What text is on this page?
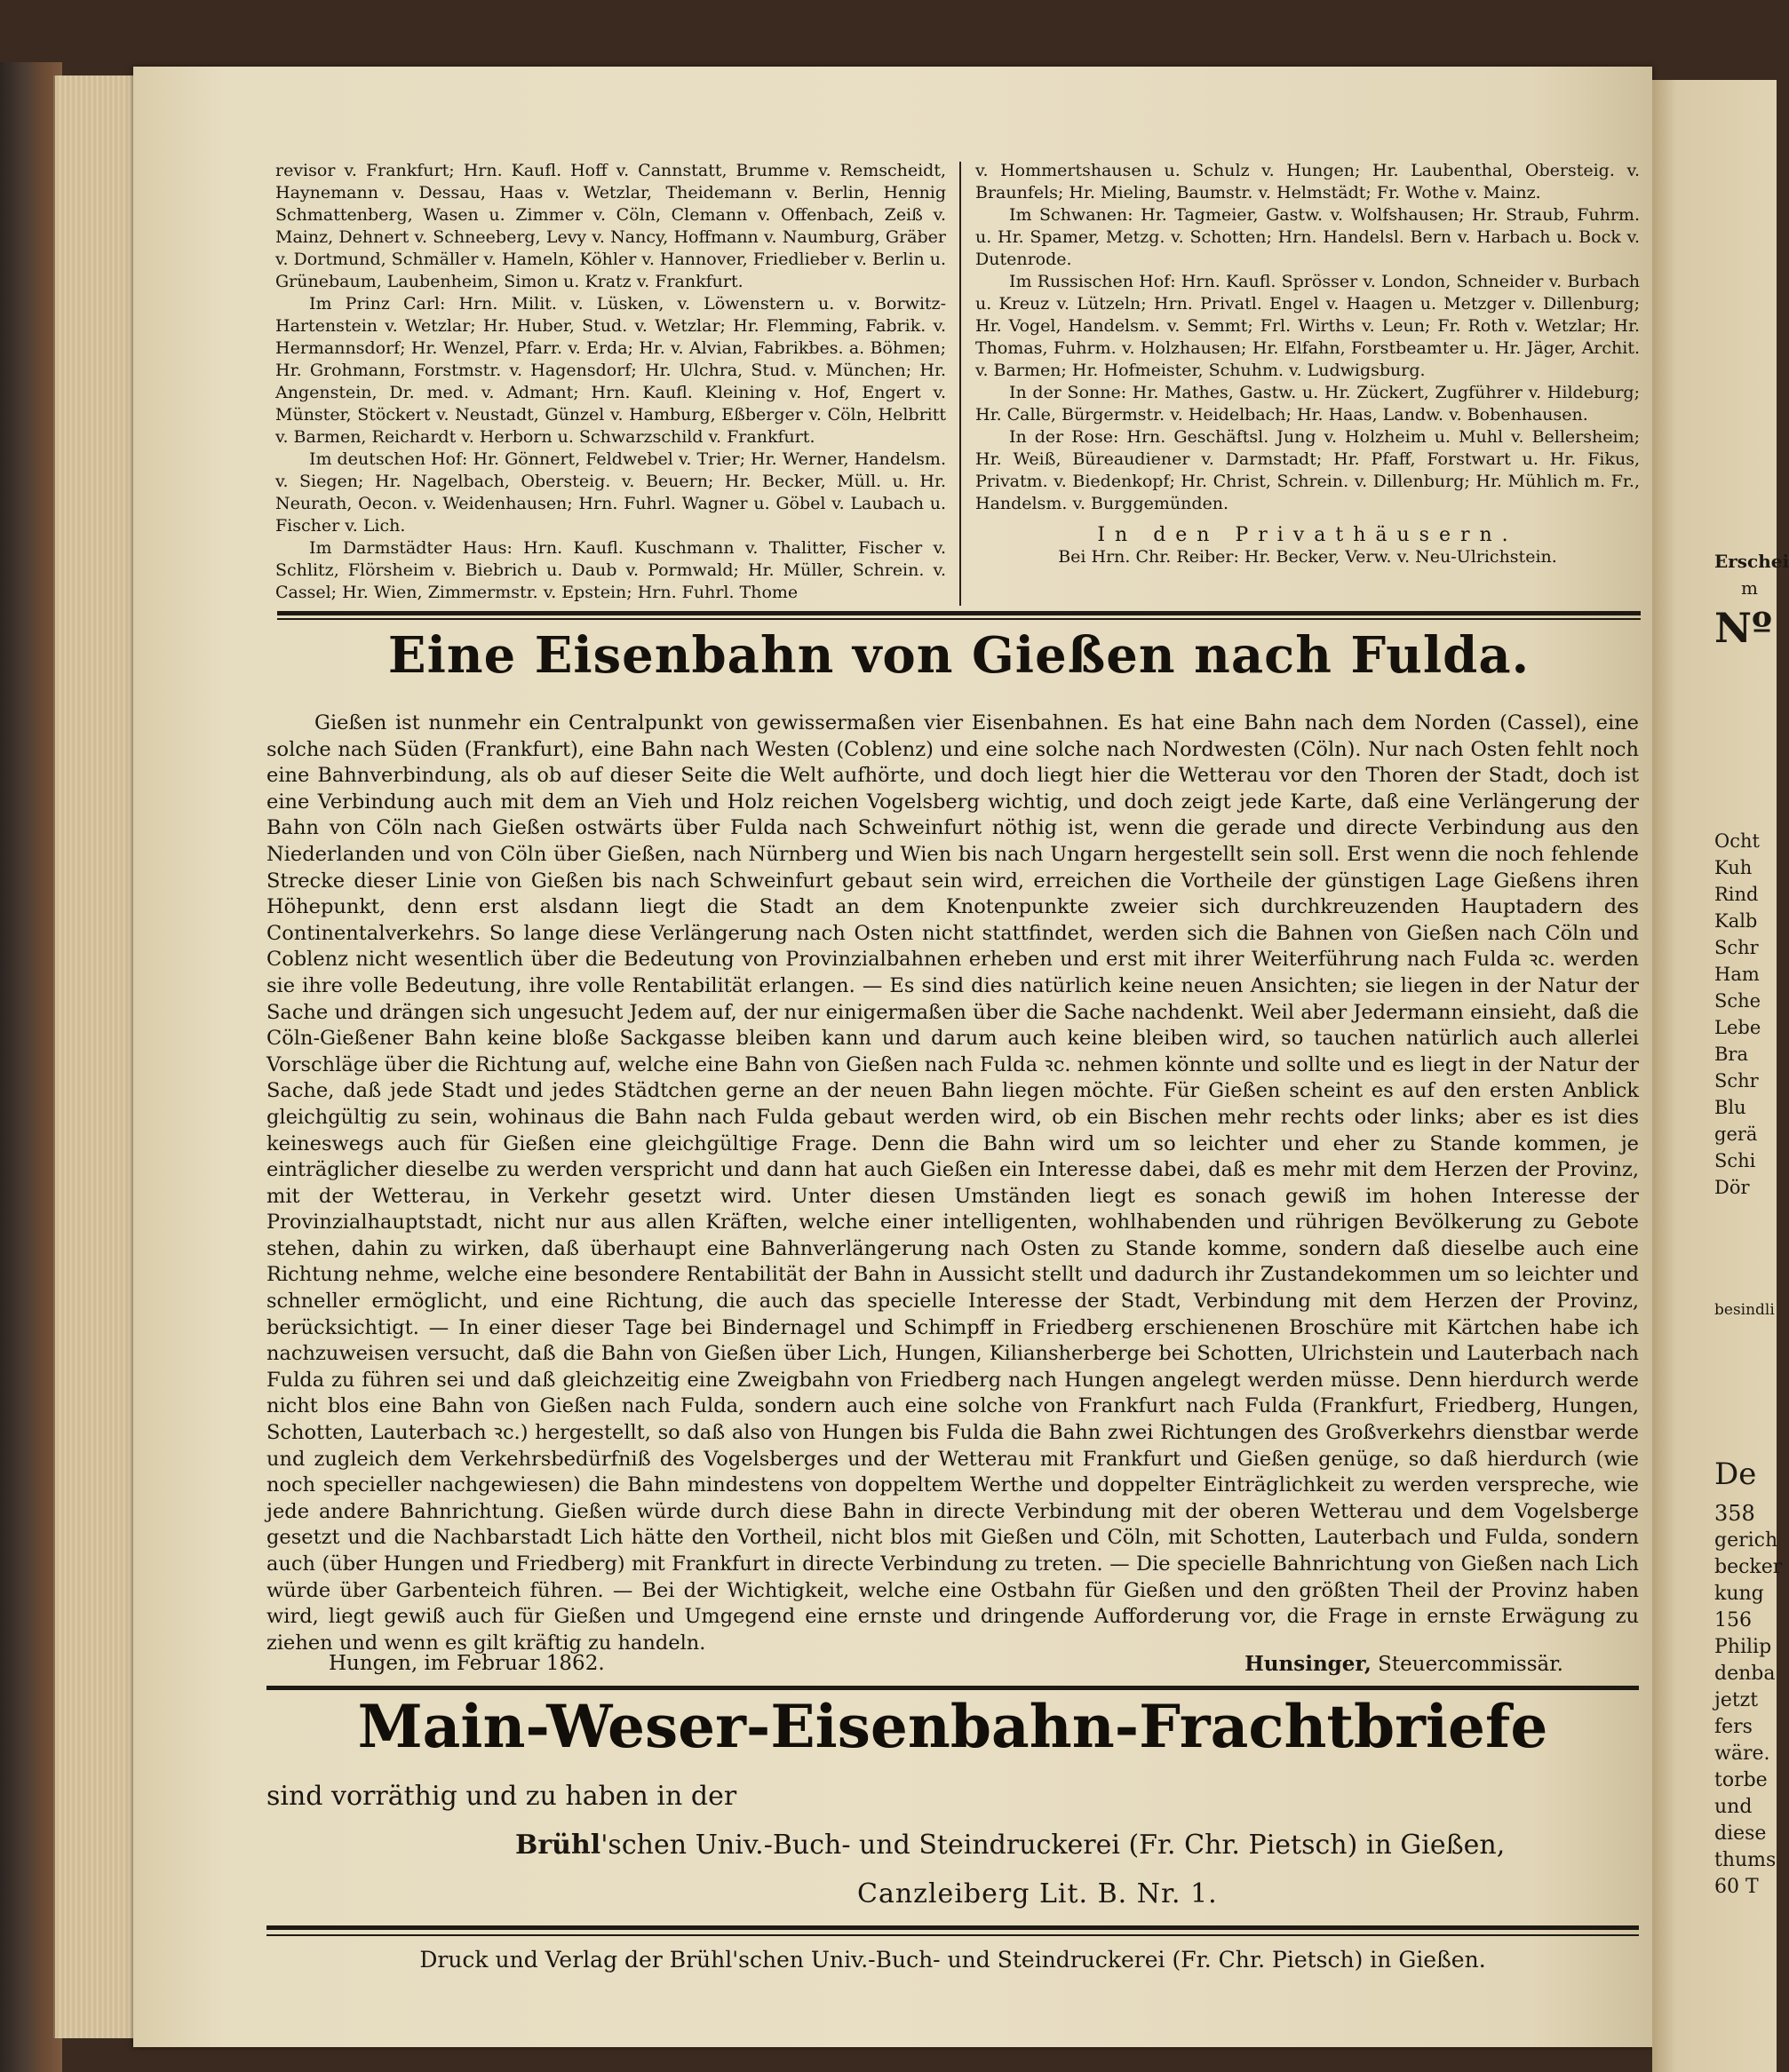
Erschei
m
Nº
Ocht
Kuh
Rind
Kalb
Schr
Ham
Sche
Lebe
Bra
Schr
Blu
gerä
Schi
Dör
besindli
De
358
gerich
becker
kung
156
Philip
denba
jetzt
fers
wäre.
torbe
und
diese
thums
60 T

revisor v. Frankfurt; Hrn. Kaufl. Hoff v. Cannstatt, Brumme v. Remscheidt, Haynemann v. Dessau, Haas v. Wetzlar, Theidemann v. Berlin, Hennig Schmattenberg, Wasen u. Zimmer v. Cöln, Clemann v. Offenbach, Zeiß v. Mainz, Dehnert v. Schneeberg, Levy v. Nancy, Hoffmann v. Naumburg, Gräber v. Dortmund, Schmäller v. Hameln, Köhler v. Hannover, Friedlieber v. Berlin u. Grünebaum, Laubenheim, Simon u. Kratz v. Frankfurt.

Im Prinz Carl: Hrn. Milit. v. Lüsken, v. Löwenstern u. v. Borwitz-Hartenstein v. Wetzlar; Hr. Huber, Stud. v. Wetzlar; Hr. Flemming, Fabrik. v. Hermannsdorf; Hr. Wenzel, Pfarr. v. Erda; Hr. v. Alvian, Fabrikbes. a. Böhmen; Hr. Grohmann, Forstmstr. v. Hagensdorf; Hr. Ulchra, Stud. v. München; Hr. Angenstein, Dr. med. v. Admant; Hrn. Kaufl. Kleining v. Hof, Engert v. Münster, Stöckert v. Neustadt, Günzel v. Hamburg, Eßberger v. Cöln, Helbritt v. Barmen, Reichardt v. Herborn u. Schwarzschild v. Frankfurt.

Im deutschen Hof: Hr. Gönnert, Feldwebel v. Trier; Hr. Werner, Handelsm. v. Siegen; Hr. Nagelbach, Obersteig. v. Beuern; Hr. Becker, Müll. u. Hr. Neurath, Oecon. v. Weidenhausen; Hrn. Fuhrl. Wagner u. Göbel v. Laubach u. Fischer v. Lich.

Im Darmstädter Haus: Hrn. Kaufl. Kuschmann v. Thalitter, Fischer v. Schlitz, Flörsheim v. Biebrich u. Daub v. Pormwald; Hr. Müller, Schrein. v. Cassel; Hr. Wien, Zimmermstr. v. Epstein; Hrn. Fuhrl. Thome

v. Hommertshausen u. Schulz v. Hungen; Hr. Laubenthal, Obersteig. v. Braunfels; Hr. Mieling, Baumstr. v. Helmstädt; Fr. Wothe v. Mainz.

Im Schwanen: Hr. Tagmeier, Gastw. v. Wolfshausen; Hr. Straub, Fuhrm. u. Hr. Spamer, Metzg. v. Schotten; Hrn. Handelsl. Bern v. Harbach u. Bock v. Dutenrode.

Im Russischen Hof: Hrn. Kaufl. Sprösser v. London, Schneider v. Burbach u. Kreuz v. Lützeln; Hrn. Privatl. Engel v. Haagen u. Metzger v. Dillenburg; Hr. Vogel, Handelsm. v. Semmt; Frl. Wirths v. Leun; Fr. Roth v. Wetzlar; Hr. Thomas, Fuhrm. v. Holzhausen; Hr. Elfahn, Forstbeamter u. Hr. Jäger, Archit. v. Barmen; Hr. Hofmeister, Schuhm. v. Ludwigsburg.

In der Sonne: Hr. Mathes, Gastw. u. Hr. Zückert, Zugführer v. Hildeburg; Hr. Calle, Bürgermstr. v. Heidelbach; Hr. Haas, Landw. v. Bobenhausen.

In der Rose: Hrn. Geschäftsl. Jung v. Holzheim u. Muhl v. Bellersheim; Hr. Weiß, Büreaudiener v. Darmstadt; Hr. Pfaff, Forstwart u. Hr. Fikus, Privatm. v. Biedenkopf; Hr. Christ, Schrein. v. Dillenburg; Hr. Mühlich m. Fr., Handelsm. v. Burggemünden.

In den Privathäusern.

Bei Hrn. Chr. Reiber: Hr. Becker, Verw. v. Neu-Ulrichstein.

Eine Eisenbahn von Gießen nach Fulda.

Gießen ist nunmehr ein Centralpunkt von gewissermaßen vier Eisenbahnen. Es hat eine Bahn nach dem Norden (Cassel), eine solche nach Süden (Frankfurt), eine Bahn nach Westen (Coblenz) und eine solche nach Nordwesten (Cöln). Nur nach Osten fehlt noch eine Bahnverbindung, als ob auf dieser Seite die Welt aufhörte, und doch liegt hier die Wetterau vor den Thoren der Stadt, doch ist eine Verbindung auch mit dem an Vieh und Holz reichen Vogelsberg wichtig, und doch zeigt jede Karte, daß eine Verlängerung der Bahn von Cöln nach Gießen ostwärts über Fulda nach Schweinfurt nöthig ist, wenn die gerade und directe Verbindung aus den Niederlanden und von Cöln über Gießen, nach Nürnberg und Wien bis nach Ungarn hergestellt sein soll. Erst wenn die noch fehlende Strecke dieser Linie von Gießen bis nach Schweinfurt gebaut sein wird, erreichen die Vortheile der günstigen Lage Gießens ihren Höhepunkt, denn erst alsdann liegt die Stadt an dem Knotenpunkte zweier sich durchkreuzenden Hauptadern des Continentalverkehrs. So lange diese Verlängerung nach Osten nicht stattfindet, werden sich die Bahnen von Gießen nach Cöln und Coblenz nicht wesentlich über die Bedeutung von Provinzialbahnen erheben und erst mit ihrer Weiterführung nach Fulda ꝛc. werden sie ihre volle Bedeutung, ihre volle Rentabilität erlangen. — Es sind dies natürlich keine neuen Ansichten; sie liegen in der Natur der Sache und drängen sich ungesucht Jedem auf, der nur einigermaßen über die Sache nachdenkt. Weil aber Jedermann einsieht, daß die Cöln-Gießener Bahn keine bloße Sackgasse bleiben kann und darum auch keine bleiben wird, so tauchen natürlich auch allerlei Vorschläge über die Richtung auf, welche eine Bahn von Gießen nach Fulda ꝛc. nehmen könnte und sollte und es liegt in der Natur der Sache, daß jede Stadt und jedes Städtchen gerne an der neuen Bahn liegen möchte. Für Gießen scheint es auf den ersten Anblick gleichgültig zu sein, wohinaus die Bahn nach Fulda gebaut werden wird, ob ein Bischen mehr rechts oder links; aber es ist dies keineswegs auch für Gießen eine gleichgültige Frage. Denn die Bahn wird um so leichter und eher zu Stande kommen, je einträglicher dieselbe zu werden verspricht und dann hat auch Gießen ein Interesse dabei, daß es mehr mit dem Herzen der Provinz, mit der Wetterau, in Verkehr gesetzt wird. Unter diesen Umständen liegt es sonach gewiß im hohen Interesse der Provinzialhauptstadt, nicht nur aus allen Kräften, welche einer intelligenten, wohlhabenden und rührigen Bevölkerung zu Gebote stehen, dahin zu wirken, daß überhaupt eine Bahnverlängerung nach Osten zu Stande komme, sondern daß dieselbe auch eine Richtung nehme, welche eine besondere Rentabilität der Bahn in Aussicht stellt und dadurch ihr Zustandekommen um so leichter und schneller ermöglicht, und eine Richtung, die auch das specielle Interesse der Stadt, Verbindung mit dem Herzen der Provinz, berücksichtigt. — In einer dieser Tage bei Bindernagel und Schimpff in Friedberg erschienenen Broschüre mit Kärtchen habe ich nachzuweisen versucht, daß die Bahn von Gießen über Lich, Hungen, Kiliansherberge bei Schotten, Ulrichstein und Lauterbach nach Fulda zu führen sei und daß gleichzeitig eine Zweigbahn von Friedberg nach Hungen angelegt werden müsse. Denn hierdurch werde nicht blos eine Bahn von Gießen nach Fulda, sondern auch eine solche von Frankfurt nach Fulda (Frankfurt, Friedberg, Hungen, Schotten, Lauterbach ꝛc.) hergestellt, so daß also von Hungen bis Fulda die Bahn zwei Richtungen des Großverkehrs dienstbar werde und zugleich dem Verkehrsbedürfniß des Vogelsberges und der Wetterau mit Frankfurt und Gießen genüge, so daß hierdurch (wie noch specieller nachgewiesen) die Bahn mindestens von doppeltem Werthe und doppelter Einträglichkeit zu werden verspreche, wie jede andere Bahnrichtung. Gießen würde durch diese Bahn in directe Verbindung mit der oberen Wetterau und dem Vogelsberge gesetzt und die Nachbarstadt Lich hätte den Vortheil, nicht blos mit Gießen und Cöln, mit Schotten, Lauterbach und Fulda, sondern auch (über Hungen und Friedberg) mit Frankfurt in directe Verbindung zu treten. — Die specielle Bahnrichtung von Gießen nach Lich würde über Garbenteich führen. — Bei der Wichtigkeit, welche eine Ostbahn für Gießen und den größten Theil der Provinz haben wird, liegt gewiß auch für Gießen und Umgegend eine ernste und dringende Aufforderung vor, die Frage in ernste Erwägung zu ziehen und wenn es gilt kräftig zu handeln.

Hungen, im Februar 1862.	Hunsinger, Steuercommissär.
Main-Weser-Eisenbahn-Frachtbriefe
sind vorräthig und zu haben in der
Brühl'schen Univ.-Buch- und Steindruckerei (Fr. Chr. Pietsch) in Gießen,
Canzleiberg Lit. B. Nr. 1.
Druck und Verlag der Brühl'schen Univ.-Buch- und Steindruckerei (Fr. Chr. Pietsch) in Gießen.
